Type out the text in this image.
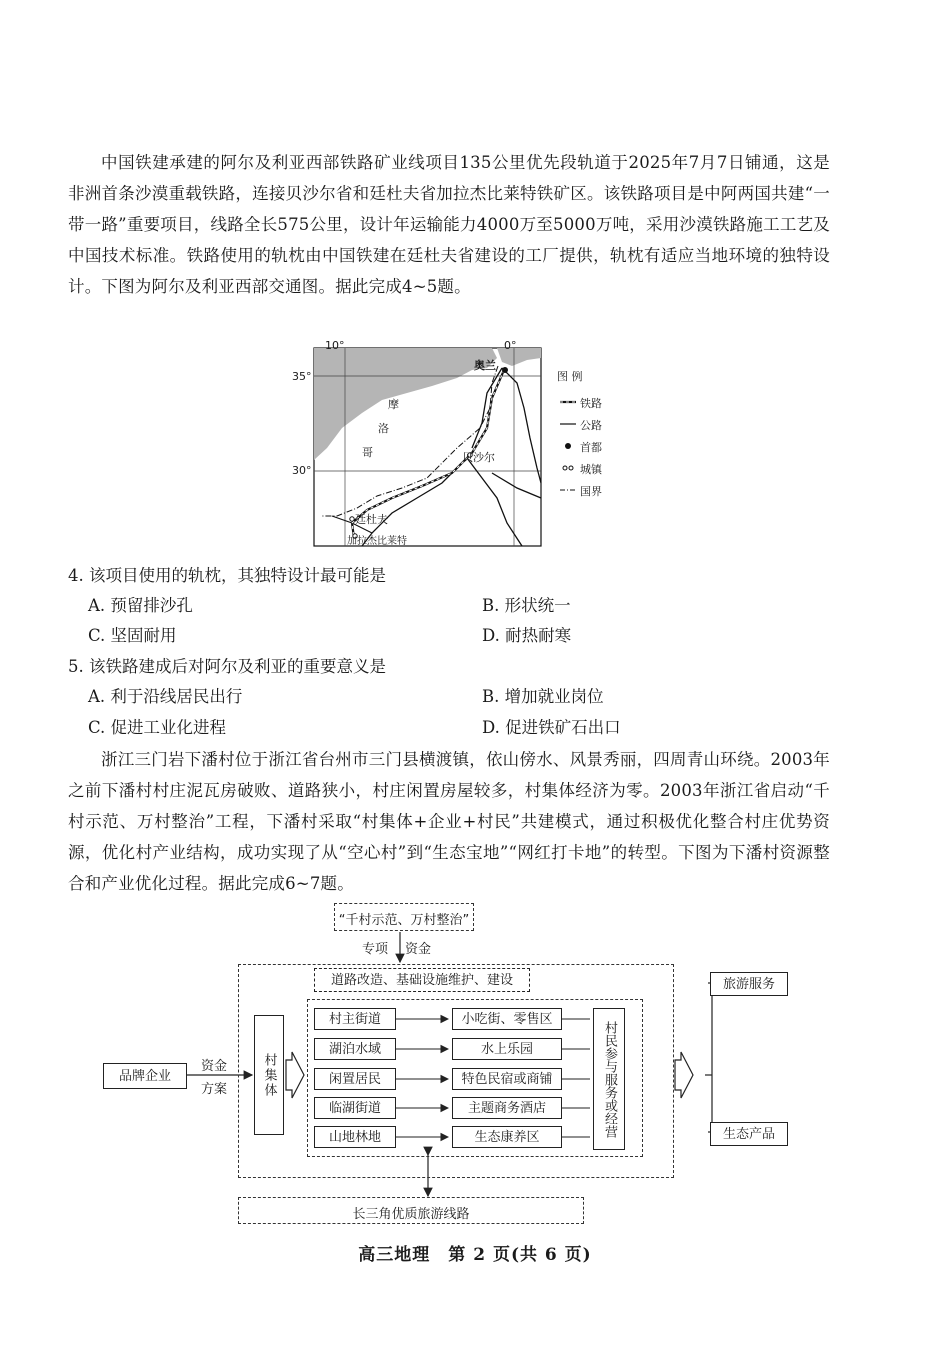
中国铁建承建的阿尔及利亚西部铁路矿业线项目135公里优先段轨道于2025年7月7日铺通，这是非洲首条沙漠重载铁路，连接贝沙尔省和廷杜夫省加拉杰比莱特铁矿区。该铁路项目是中阿两国共建“一带一路”重要项目，线路全长575公里，设计年运输能力4000万至5000万吨，采用沙漠铁路施工工艺及中国技术标准。铁路使用的轨枕由中国铁建在廷杜夫省建设的工厂提供，轨枕有适应当地环境的独特设计。下图为阿尔及利亚西部交通图。据此完成4~5题。

10°	0°
35°
30°
奥兰
摩
洛
哥	贝沙尔
廷杜夫
加拉杰比莱特
图 例
铁路
公路
首都
城镇
国界
4. 该项目使用的轨枕，其独特设计最可能是
A. 预留排沙孔	B. 形状统一
C. 坚固耐用	D. 耐热耐寒
5. 该铁路建成后对阿尔及利亚的重要意义是
A. 利于沿线居民出行	B. 增加就业岗位
C. 促进工业化进程	D. 促进铁矿石出口

浙江三门岩下潘村位于浙江省台州市三门县横渡镇，依山傍水、风景秀丽，四周青山环绕。2003年之前下潘村村庄泥瓦房破败、道路狭小，村庄闲置房屋较多，村集体经济为零。2003年浙江省启动“千村示范、万村整治”工程，下潘村采取“村集体+企业+村民”共建模式，通过积极优化整合村庄优势资源，优化村产业结构，成功实现了从“空心村”到“生态宝地”“网红打卡地”的转型。下图为下潘村资源整合和产业优化过程。据此完成6~7题。

“千村示范、万村整治”
专项 资金
道路改造、基础设施维护、建设
品牌企业
资金
方案	村集体
村主街道
湖泊水域
闲置居民
临湖街道
山地林地
小吃街、零售区
水上乐园
特色民宿或商铺
主题商务酒店
生态康养区	村民参与服务或经营
旅游服务
生态产品
长三角优质旅游线路
高三地理　第 2 页(共 6 页)
